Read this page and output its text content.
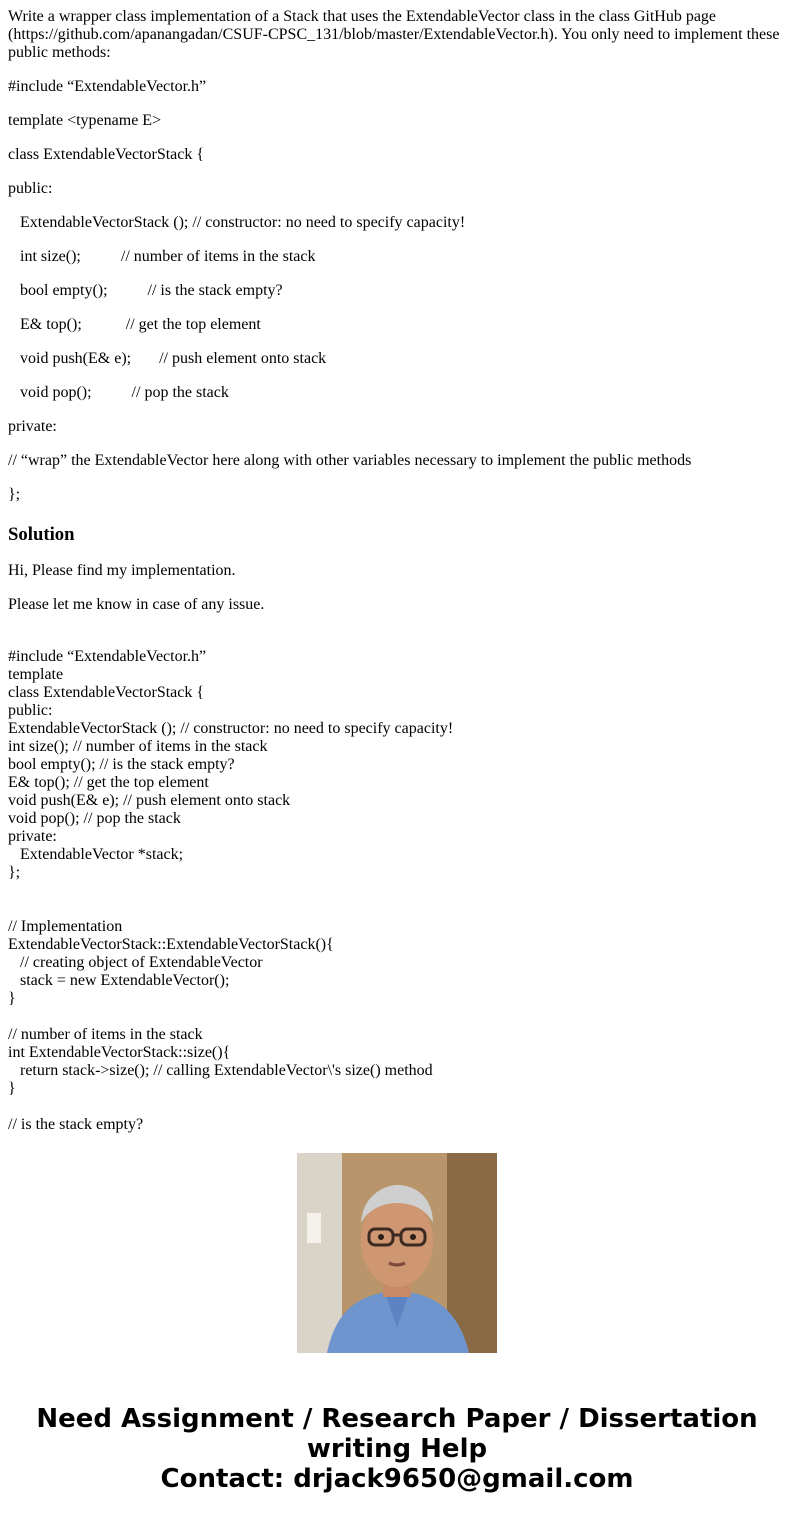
Write a wrapper class implementation of a Stack that uses the ExtendableVector class in the class GitHub page (https://github.com/apanangadan/CSUF-CPSC_131/blob/master/ExtendableVector.h). You only need to implement these public methods:

#include “ExtendableVector.h”

template <typename E>

class ExtendableVectorStack {

public:

ExtendableVectorStack (); // constructor: no need to specify capacity!

int size();          // number of items in the stack

bool empty();          // is the stack empty?

E& top();           // get the top element

void push(E& e);       // push element onto stack

void pop();          // pop the stack

private:

// “wrap” the ExtendableVector here along with other variables necessary to implement the public methods

};

Solution

Hi, Please find my implementation.

Please let me know in case of any issue.

#include “ExtendableVector.h”
template
class ExtendableVectorStack {
public:
ExtendableVectorStack (); // constructor: no need to specify capacity!
int size(); // number of items in the stack
bool empty(); // is the stack empty?
E& top(); // get the top element
void push(E& e); // push element onto stack
void pop(); // pop the stack
private:
ExtendableVector *stack;
};
// Implementation
ExtendableVectorStack::ExtendableVectorStack(){
// creating object of ExtendableVector
stack = new ExtendableVector();
}
// number of items in the stack
int ExtendableVectorStack::size(){
return stack->size(); // calling ExtendableVector\'s size() method
}
// is the stack empty?
Need Assignment / Research Paper / Dissertation
writing Help
Contact: drjack9650@gmail.com
